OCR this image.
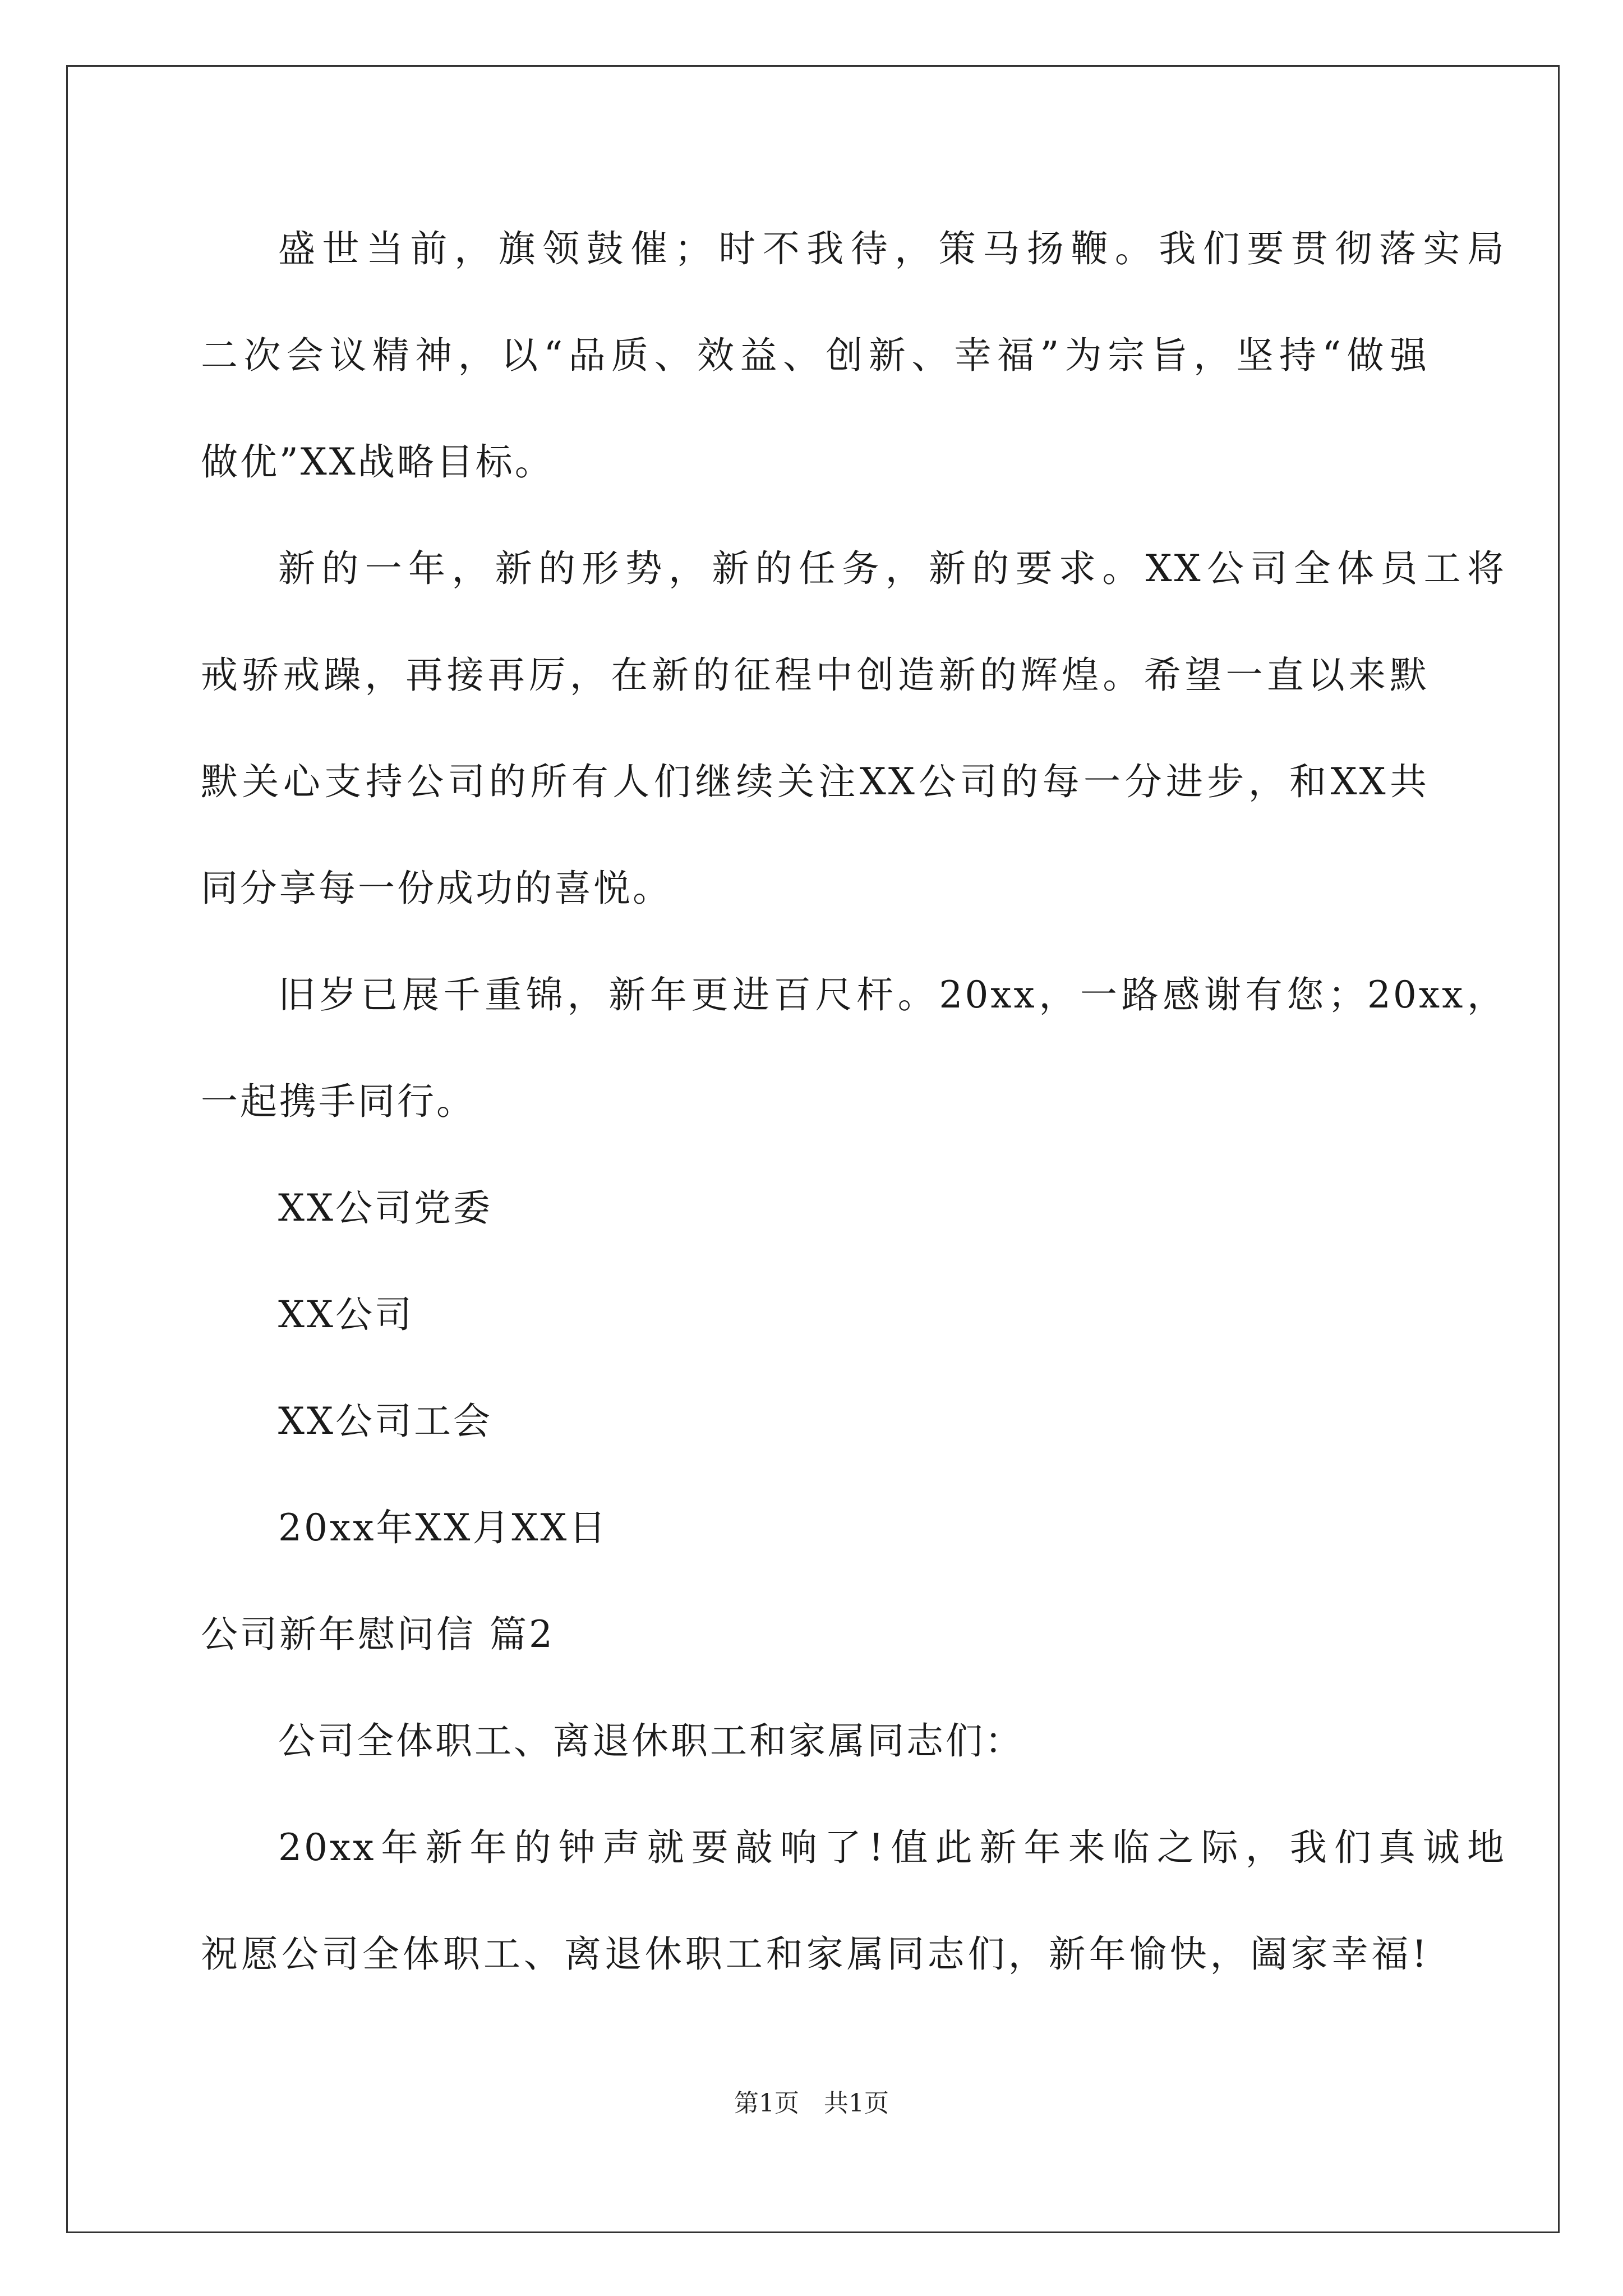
盛世当前，旗领鼓催；时不我待，策马扬鞭。我们要贯彻落实局
二次会议精神，以“品质、效益、创新、幸福”为宗旨，坚持“做强
做优”XX战略目标。
新的一年，新的形势，新的任务，新的要求。XX公司全体员工将
戒骄戒躁，再接再厉，在新的征程中创造新的辉煌。希望一直以来默
默关心支持公司的所有人们继续关注XX公司的每一分进步，和XX共
同分享每一份成功的喜悦。
旧岁已展千重锦，新年更进百尺杆。20xx，一路感谢有您；20xx，
一起携手同行。
XX公司党委
XX公司
XX公司工会
20xx年XX月XX日
公司新年慰问信 篇2
公司全体职工、离退休职工和家属同志们：
20xx年新年的钟声就要敲响了!值此新年来临之际，我们真诚地
祝愿公司全体职工、离退休职工和家属同志们，新年愉快，阖家幸福!
第1页　共1页
